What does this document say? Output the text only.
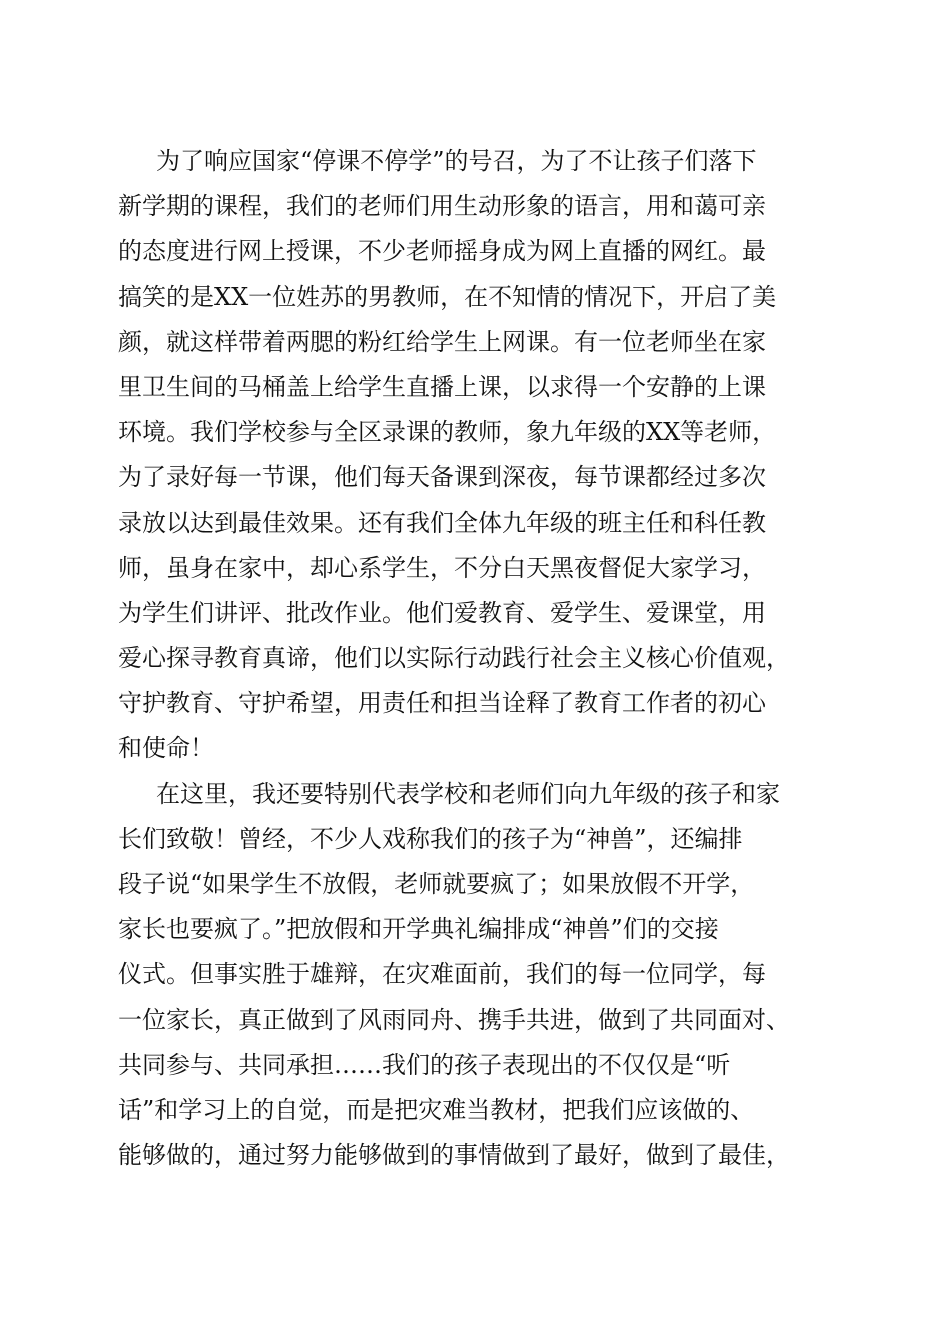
为了响应国家“停课不停学”的号召，为了不让孩子们落下
新学期的课程，我们的老师们用生动形象的语言，用和蔼可亲
的态度进行网上授课，不少老师摇身成为网上直播的网红。最
搞笑的是XX一位姓苏的男教师，在不知情的情况下，开启了美
颜，就这样带着两腮的粉红给学生上网课。有一位老师坐在家
里卫生间的马桶盖上给学生直播上课，以求得一个安静的上课
环境。我们学校参与全区录课的教师，象九年级的XX等老师，
为了录好每一节课，他们每天备课到深夜，每节课都经过多次
录放以达到最佳效果。还有我们全体九年级的班主任和科任教
师，虽身在家中，却心系学生，不分白天黑夜督促大家学习，
为学生们讲评、批改作业。他们爱教育、爱学生、爱课堂，用
爱心探寻教育真谛，他们以实际行动践行社会主义核心价值观，
守护教育、守护希望，用责任和担当诠释了教育工作者的初心
和使命！
在这里，我还要特别代表学校和老师们向九年级的孩子和家
长们致敬！曾经，不少人戏称我们的孩子为“神兽”，还编排
段子说“如果学生不放假，老师就要疯了；如果放假不开学，
家长也要疯了。”把放假和开学典礼编排成“神兽”们的交接
仪式。但事实胜于雄辩，在灾难面前，我们的每一位同学，每
一位家长，真正做到了风雨同舟、携手共进，做到了共同面对、
共同参与、共同承担……我们的孩子表现出的不仅仅是“听
话”和学习上的自觉，而是把灾难当教材，把我们应该做的、
能够做的，通过努力能够做到的事情做到了最好，做到了最佳，
